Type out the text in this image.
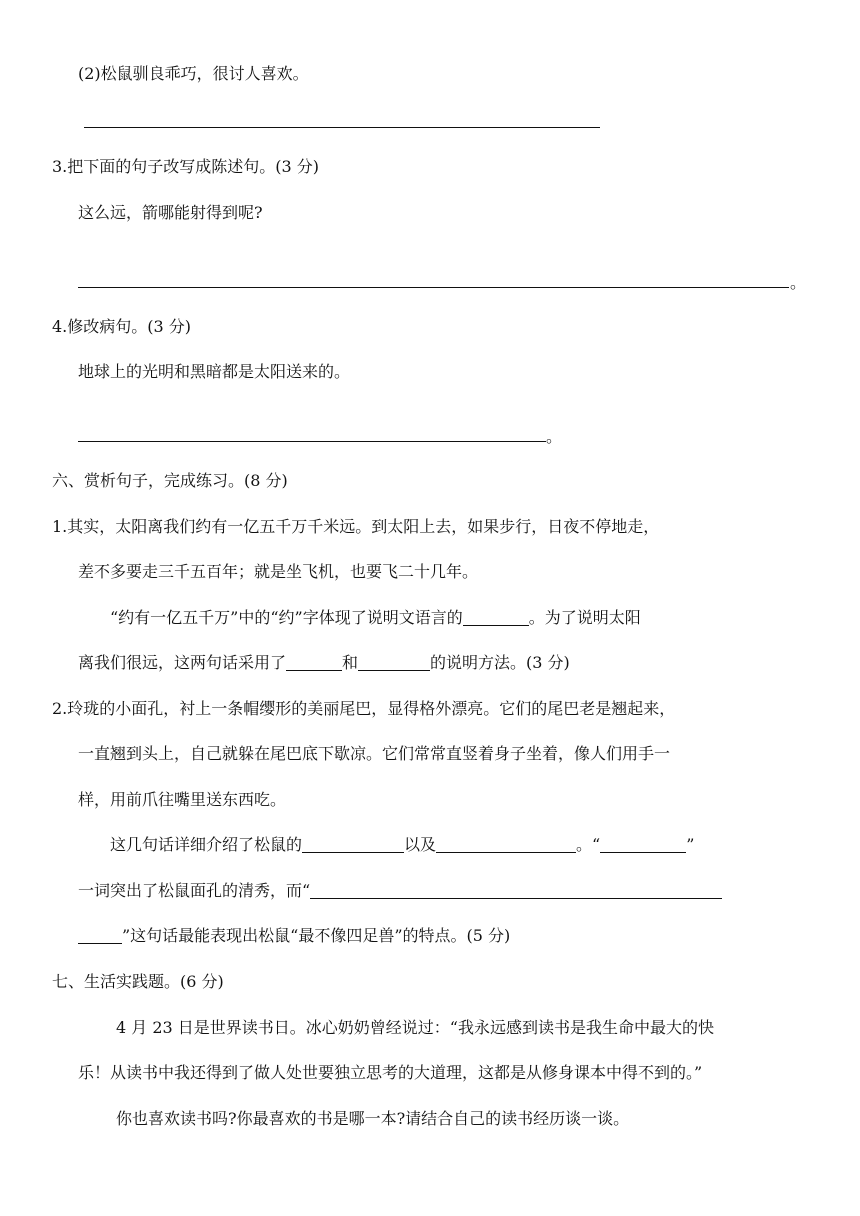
(2)松鼠驯良乖巧，很讨人喜欢。
3.把下面的句子改写成陈述句。(3 分)
这么远，箭哪能射得到呢?
。
4.修改病句。(3 分)
地球上的光明和黑暗都是太阳送来的。
。
六、赏析句子，完成练习。(8 分)
1.其实，太阳离我们约有一亿五千万千米远。到太阳上去，如果步行，日夜不停地走，
差不多要走三千五百年；就是坐飞机，也要飞二十几年。
“约有一亿五千万”中的“约”字体现了说明文语言的	。为了说明太阳
离我们很远，这两句话采用了	和	的说明方法。(3 分)
2.玲珑的小面孔，衬上一条帽缨形的美丽尾巴，显得格外漂亮。它们的尾巴老是翘起来，
一直翘到头上，自己就躲在尾巴底下歇凉。它们常常直竖着身子坐着，像人们用手一
样，用前爪往嘴里送东西吃。
这几句话详细介绍了松鼠的	以及	。“	”
一词突出了松鼠面孔的清秀，而“
”这句话最能表现出松鼠“最不像四足兽”的特点。(5 分)
七、生活实践题。(6 分)
4 月 23 日是世界读书日。冰心奶奶曾经说过：“我永远感到读书是我生命中最大的快
乐！从读书中我还得到了做人处世要独立思考的大道理，这都是从修身课本中得不到的。”
你也喜欢读书吗?你最喜欢的书是哪一本?请结合自己的读书经历谈一谈。
